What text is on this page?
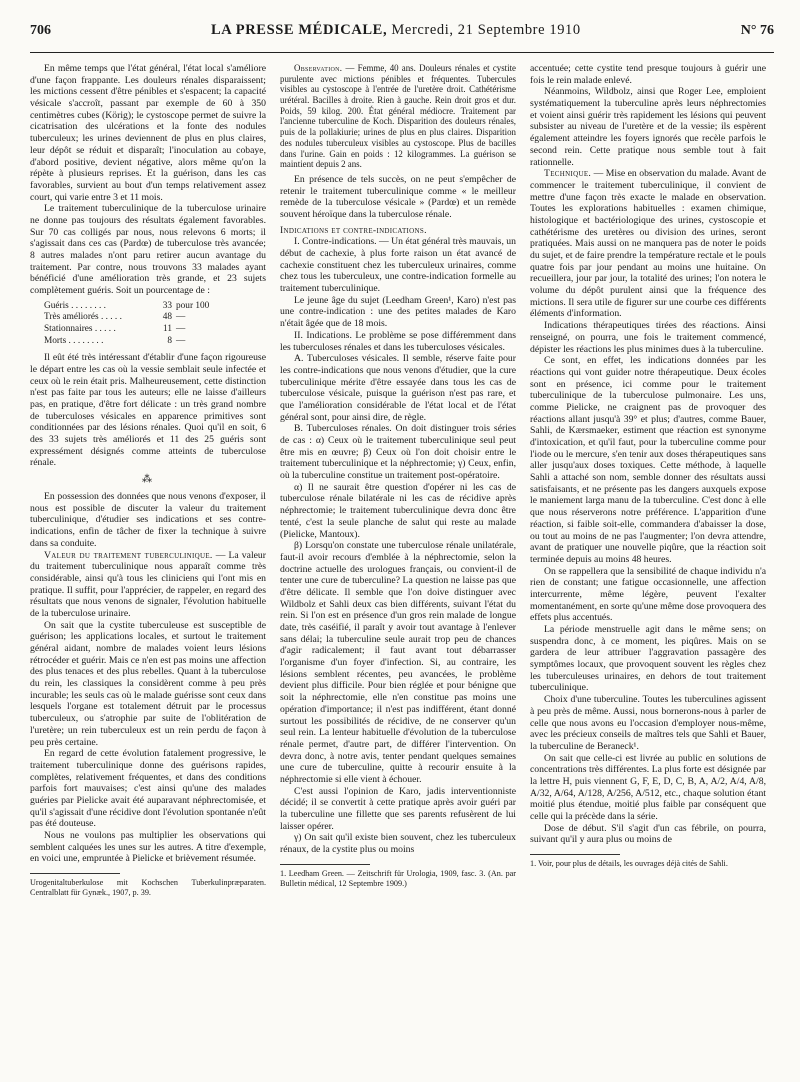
706	LA PRESSE MÉDICALE, Mercredi, 21 Septembre 1910	N° 76

En même temps que l'état général, l'état local s'améliore d'une façon frappante. Les douleurs rénales disparaissent; les mictions cessent d'être pénibles et s'espacent; la capacité vésicale s'accroît, passant par exemple de 60 à 350 centimètres cubes (Körig); le cystoscope permet de suivre la cicatrisation des ulcérations et la fonte des nodules tuberculeux; les urines deviennent de plus en plus claires, leur dépôt se réduit et disparaît; l'inoculation au cobaye, d'abord positive, devient négative, alors même qu'on la répète à plusieurs reprises. Et la guérison, dans les cas favorables, survient au bout d'un temps relativement assez court, qui varie entre 3 et 11 mois.

Le traitement tuberculinique de la tuberculose urinaire ne donne pas toujours des résultats également favorables. Sur 70 cas colligés par nous, nous relevons 6 morts; il s'agissait dans ces cas (Pardœ) de tuberculose très avancée; 8 autres malades n'ont paru retirer aucun avantage du traitement. Par contre, nous trouvons 33 malades ayant bénéficié d'une amélioration très grande, et 23 sujets complètement guéris. Soit un pourcentage de :

Guéris . . . . . . . .	33 pour 100
Très améliorés . . . . .	48 —
Stationnaires . . . . .	11 —
Morts . . . . . . . .	8 —

Il eût été très intéressant d'établir d'une façon rigoureuse le départ entre les cas où la vessie semblait seule infectée et ceux où le rein était pris. Malheureusement, cette distinction n'est pas faite par tous les auteurs; elle ne laisse d'ailleurs pas, en pratique, d'être fort délicate : un très grand nombre de tuberculoses vésicales en apparence primitives sont conditionnées par des lésions rénales. Quoi qu'il en soit, 6 des 33 sujets très améliorés et 11 des 25 guéris sont expressément désignés comme atteints de tuberculose rénale.

⁂

En possession des données que nous venons d'exposer, il nous est possible de discuter la valeur du traitement tuberculinique, d'étudier ses indications et ses contre-indications, enfin de tâcher de fixer la technique à suivre dans sa conduite.

Valeur du traitement tuberculinique. — La valeur du traitement tuberculinique nous apparaît comme très considérable, ainsi qu'à tous les cliniciens qui l'ont mis en pratique. Il suffit, pour l'apprécier, de rappeler, en regard des résultats que nous venons de signaler, l'évolution habituelle de la tuberculose urinaire.

On sait que la cystite tuberculeuse est susceptible de guérison; les applications locales, et surtout le traitement général aidant, nombre de malades voient leurs lésions rétrocéder et guérir. Mais ce n'en est pas moins une affection des plus tenaces et des plus rebelles. Quant à la tuberculose du rein, les classiques la considèrent comme à peu près incurable; les seuls cas où le malade guérisse sont ceux dans lesquels l'organe est totalement détruit par le processus tuberculeux, ou s'atrophie par suite de l'oblitération de l'uretère; un rein tuberculeux est un rein perdu de façon à peu près certaine.

En regard de cette évolution fatalement progressive, le traitement tuberculinique donne des guérisons rapides, complètes, relativement fréquentes, et dans des conditions parfois fort mauvaises; c'est ainsi qu'une des malades guéries par Pielicke avait été auparavant néphrectomisée, et qu'il s'agissait d'une récidive dont l'évolution spontanée n'eût pas été douteuse.

Nous ne voulons pas multiplier les observations qui semblent calquées les unes sur les autres. A titre d'exemple, en voici une, empruntée à Pielicke et brièvement résumée.

Urogenitaltuberkulose mit Kochschen Tuberkulinpræparaten. Centralblatt für Gynæk., 1907, p. 39.

Observation. — Femme, 40 ans. Douleurs rénales et cystite purulente avec mictions pénibles et fréquentes. Tubercules visibles au cystoscope à l'entrée de l'uretère droit. Cathétérisme urétéral. Bacilles à droite. Rien à gauche. Rein droit gros et dur. Poids, 59 kilog. 200. État général médiocre. Traitement par l'ancienne tuberculine de Koch. Disparition des douleurs rénales, puis de la pollakiurie; urines de plus en plus claires. Disparition des nodules tuberculeux visibles au cystoscope. Plus de bacilles dans l'urine. Gain en poids : 12 kilogrammes. La guérison se maintient depuis 2 ans.

En présence de tels succès, on ne peut s'empêcher de retenir le traitement tuberculinique comme « le meilleur remède de la tuberculose vésicale » (Pardœ) et un remède souvent héroïque dans la tuberculose rénale.

Indications et contre-indications.

I. Contre-indications. — Un état général très mauvais, un début de cachexie, à plus forte raison un état avancé de cachexie constituent chez les tuberculeux urinaires, comme chez tous les tuberculeux, une contre-indication formelle au traitement tuberculinique.

Le jeune âge du sujet (Leedham Green¹, Karo) n'est pas une contre-indication : une des petites malades de Karo n'était âgée que de 18 mois.

II. Indications. Le problème se pose différemment dans les tuberculoses rénales et dans les tuberculoses vésicales.

A. Tuberculoses vésicales. Il semble, réserve faite pour les contre-indications que nous venons d'étudier, que la cure tuberculinique mérite d'être essayée dans tous les cas de tuberculose vésicale, puisque la guérison n'est pas rare, et que l'amélioration considérable de l'état local et de l'état général sont, pour ainsi dire, de règle.

B. Tuberculoses rénales. On doit distinguer trois séries de cas : α) Ceux où le traitement tuberculinique seul peut être mis en œuvre; β) Ceux où l'on doit choisir entre le traitement tuberculinique et la néphrectomie; γ) Ceux, enfin, où la tuberculine constitue un traitement post-opératoire.

α) Il ne saurait être question d'opérer ni les cas de tuberculose rénale bilatérale ni les cas de récidive après néphrectomie; le traitement tuberculinique devra donc être tenté, c'est la seule planche de salut qui reste au malade (Pielicke, Mantoux).

β) Lorsqu'on constate une tuberculose rénale unilatérale, faut-il avoir recours d'emblée à la néphrectomie, selon la doctrine actuelle des urologues français, ou convient-il de tenter une cure de tuberculine? La question ne laisse pas que d'être délicate. Il semble que l'on doive distinguer avec Wildbolz et Sahli deux cas bien différents, suivant l'état du rein. Si l'on est en présence d'un gros rein malade de longue date, très caséifié, il paraît y avoir tout avantage à l'enlever sans délai; la tuberculine seule aurait trop peu de chances d'agir radicalement; il faut avant tout débarrasser l'organisme d'un foyer d'infection. Si, au contraire, les lésions semblent récentes, peu avancées, le problème devient plus difficile. Pour bien réglée et pour bénigne que soit la néphrectomie, elle n'en constitue pas moins une opération d'importance; il n'est pas indifférent, étant donné surtout les possibilités de récidive, de ne conserver qu'un seul rein. La lenteur habituelle d'évolution de la tuberculose rénale permet, d'autre part, de différer l'intervention. On devra donc, à notre avis, tenter pendant quelques semaines une cure de tuberculine, quitte à recourir ensuite à la néphrectomie si elle vient à échouer.

C'est aussi l'opinion de Karo, jadis interventionniste décidé; il se convertit à cette pratique après avoir guéri par la tuberculine une fillette que ses parents refusèrent de lui laisser opérer.

γ) On sait qu'il existe bien souvent, chez les tuberculeux rénaux, de la cystite plus ou moins

1. Leedham Green. — Zeitschrift für Urologia, 1909, fasc. 3. (An. par Bulletin médical, 12 Septembre 1909.)

accentuée; cette cystite tend presque toujours à guérir une fois le rein malade enlevé.

Néanmoins, Wildbolz, ainsi que Roger Lee, emploient systématiquement la tuberculine après leurs néphrectomies et voient ainsi guérir très rapidement les lésions qui peuvent subsister au niveau de l'uretère et de la vessie; ils espèrent également atteindre les foyers ignorés que recèle parfois le second rein. Cette pratique nous semble tout à fait rationnelle.

Technique. — Mise en observation du malade. Avant de commencer le traitement tuberculinique, il convient de mettre d'une façon très exacte le malade en observation. Toutes les explorations habituelles : examen chimique, histologique et bactériologique des urines, cystoscopie et cathétérisme des uretères ou division des urines, seront pratiquées. Mais aussi on ne manquera pas de noter le poids du sujet, et de faire prendre la température rectale et le pouls quatre fois par jour pendant au moins une huitaine. On recueillera, jour par jour, la totalité des urines; l'on notera le volume du dépôt purulent ainsi que la fréquence des mictions. Il sera utile de figurer sur une courbe ces différents éléments d'information.

Indications thérapeutiques tirées des réactions. Ainsi renseigné, on pourra, une fois le traitement commencé, dépister les réactions les plus minimes dues à la tuberculine.

Ce sont, en effet, les indications données par les réactions qui vont guider notre thérapeutique. Deux écoles sont en présence, ici comme pour le traitement tuberculinique de la tuberculose pulmonaire. Les uns, comme Pielicke, ne craignent pas de provoquer des réactions allant jusqu'à 39° et plus; d'autres, comme Bauer, Sahli, de Kærsmaeker, estiment que réaction est synonyme d'intoxication, et qu'il faut, pour la tuberculine comme pour l'iode ou le mercure, s'en tenir aux doses thérapeutiques sans aller jusqu'aux doses toxiques. Cette méthode, à laquelle Sahli a attaché son nom, semble donner des résultats aussi satisfaisants, et ne présente pas les dangers auxquels expose le maniement larga manu de la tuberculine. C'est donc à elle que nous réserverons notre préférence. L'apparition d'une réaction, si faible soit-elle, commandera d'abaisser la dose, ou tout au moins de ne pas l'augmenter; l'on devra attendre, avant de pratiquer une nouvelle piqûre, que la réaction soit terminée depuis au moins 48 heures.

On se rappellera que la sensibilité de chaque individu n'a rien de constant; une fatigue occasionnelle, une affection intercurrente, même légère, peuvent l'exalter momentanément, en sorte qu'une même dose provoquera des effets plus accentués.

La période menstruelle agit dans le même sens; on suspendra donc, à ce moment, les piqûres. Mais on se gardera de leur attribuer l'aggravation passagère des symptômes locaux, que provoquent souvent les règles chez les tuberculeuses urinaires, en dehors de tout traitement tuberculinique.

Choix d'une tuberculine. Toutes les tuberculines agissent à peu près de même. Aussi, nous bornerons-nous à parler de celle que nous avons eu l'occasion d'employer nous-même, avec les précieux conseils de maîtres tels que Sahli et Bauer, la tuberculine de Beraneck¹.

On sait que celle-ci est livrée au public en solutions de concentrations très différentes. La plus forte est désignée par la lettre H, puis viennent G, F, E, D, C, B, A, A/2, A/4, A/8, A/32, A/64, A/128, A/256, A/512, etc., chaque solution étant moitié plus étendue, moitié plus faible par conséquent que celle qui la précède dans la série.

Dose de début. S'il s'agit d'un cas fébrile, on pourra, suivant qu'il y aura plus ou moins de

1. Voir, pour plus de détails, les ouvrages déjà cités de Sahli.
